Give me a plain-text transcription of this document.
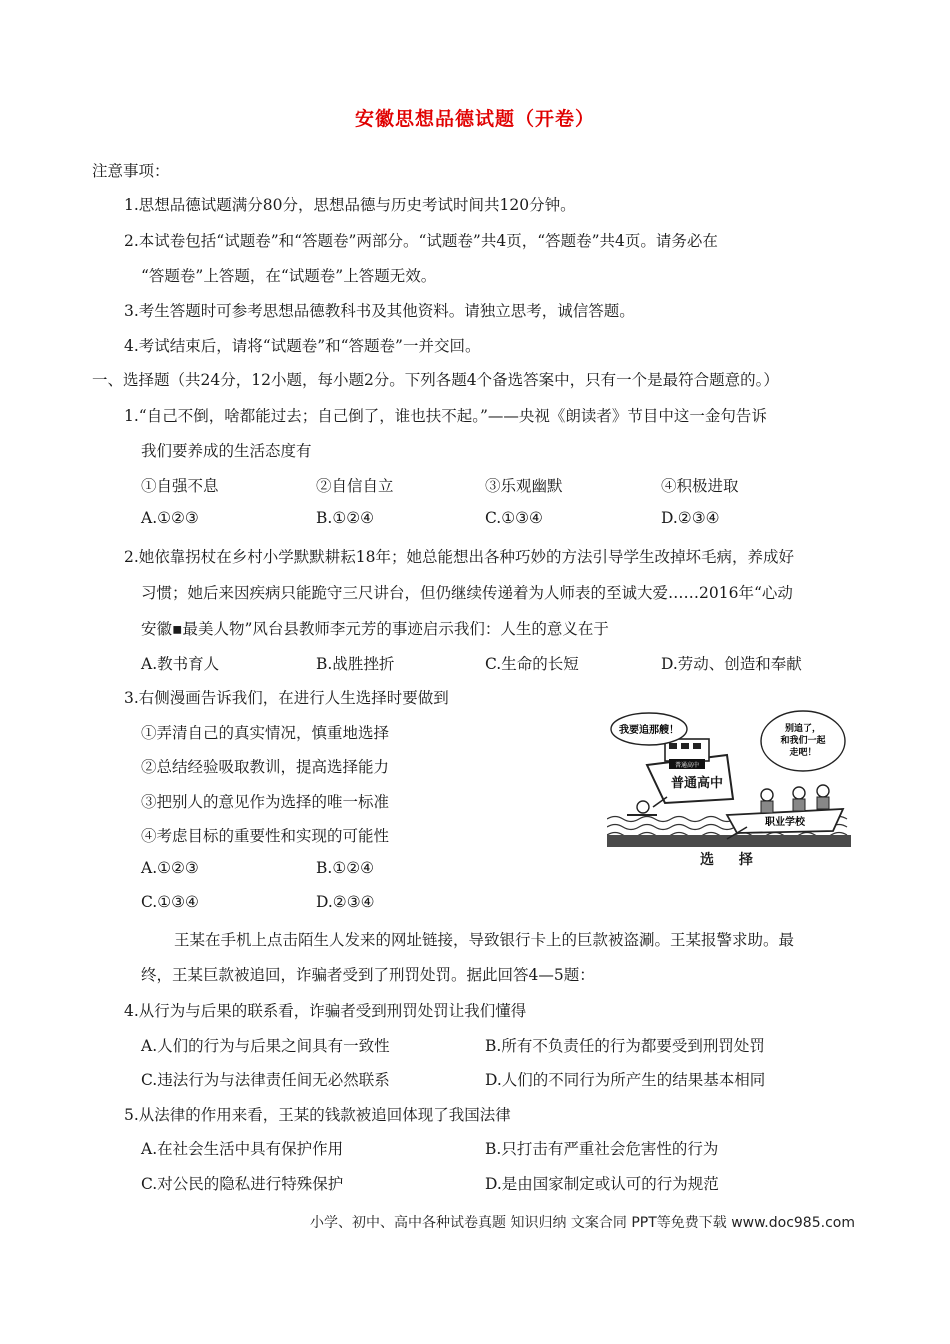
安徽思想品德试题（开卷）
注意事项：
1.思想品德试题满分80分，思想品德与历史考试时间共120分钟。
2.本试卷包括“试题卷”和“答题卷”两部分。“试题卷”共4页，“答题卷”共4页。请务必在
“答题卷”上答题，在“试题卷”上答题无效。
3.考生答题时可参考思想品德教科书及其他资料。请独立思考，诚信答题。
4.考试结束后，请将“试题卷”和“答题卷”一并交回。
一、选择题（共24分，12小题，每小题2分。下列各题4个备选答案中，只有一个是最符合题意的。）
1.“自己不倒，啥都能过去；自己倒了，谁也扶不起。”——央视《朗读者》节目中这一金句告诉
我们要养成的生活态度有
①自强不息	②自信自立	③乐观幽默	④积极进取
A.①②③	B.①②④	C.①③④	D.②③④
2.她依靠拐杖在乡村小学默默耕耘18年；她总能想出各种巧妙的方法引导学生改掉坏毛病，养成好
习惯；她后来因疾病只能跪守三尺讲台，但仍继续传递着为人师表的至诚大爱……2016年“心动
安徽▪最美人物”风台县教师李元芳的事迹启示我们：人生的意义在于
A.教书育人	B.战胜挫折	C.生命的长短	D.劳动、创造和奉献
3.右侧漫画告诉我们，在进行人生选择时要做到
①弄清自己的真实情况，慎重地选择
②总结经验吸取教训，提高选择能力
③把别人的意见作为选择的唯一标准
④考虑目标的重要性和实现的可能性
A.①②③	B.①②④
C.①③④	D.②③④
普通高中
普通高中
我要追那艘！	别追了，
和我们一起
走吧！
职业学校
选 择
王某在手机上点击陌生人发来的网址链接，导致银行卡上的巨款被盗涮。王某报警求助。最
终，王某巨款被追回，诈骗者受到了刑罚处罚。据此回答4—5题：
4.从行为与后果的联系看，诈骗者受到刑罚处罚让我们懂得
A.人们的行为与后果之间具有一致性	B.所有不负责任的行为都要受到刑罚处罚
C.违法行为与法律责任间无必然联系	D.人们的不同行为所产生的结果基本相同
5.从法律的作用来看，王某的钱款被追回体现了我国法律
A.在社会生活中具有保护作用	B.只打击有严重社会危害性的行为
C.对公民的隐私进行特殊保护	D.是由国家制定或认可的行为规范
小学、初中、高中各种试卷真题 知识归纳 文案合同 PPT等免费下载 www.doc985.com
